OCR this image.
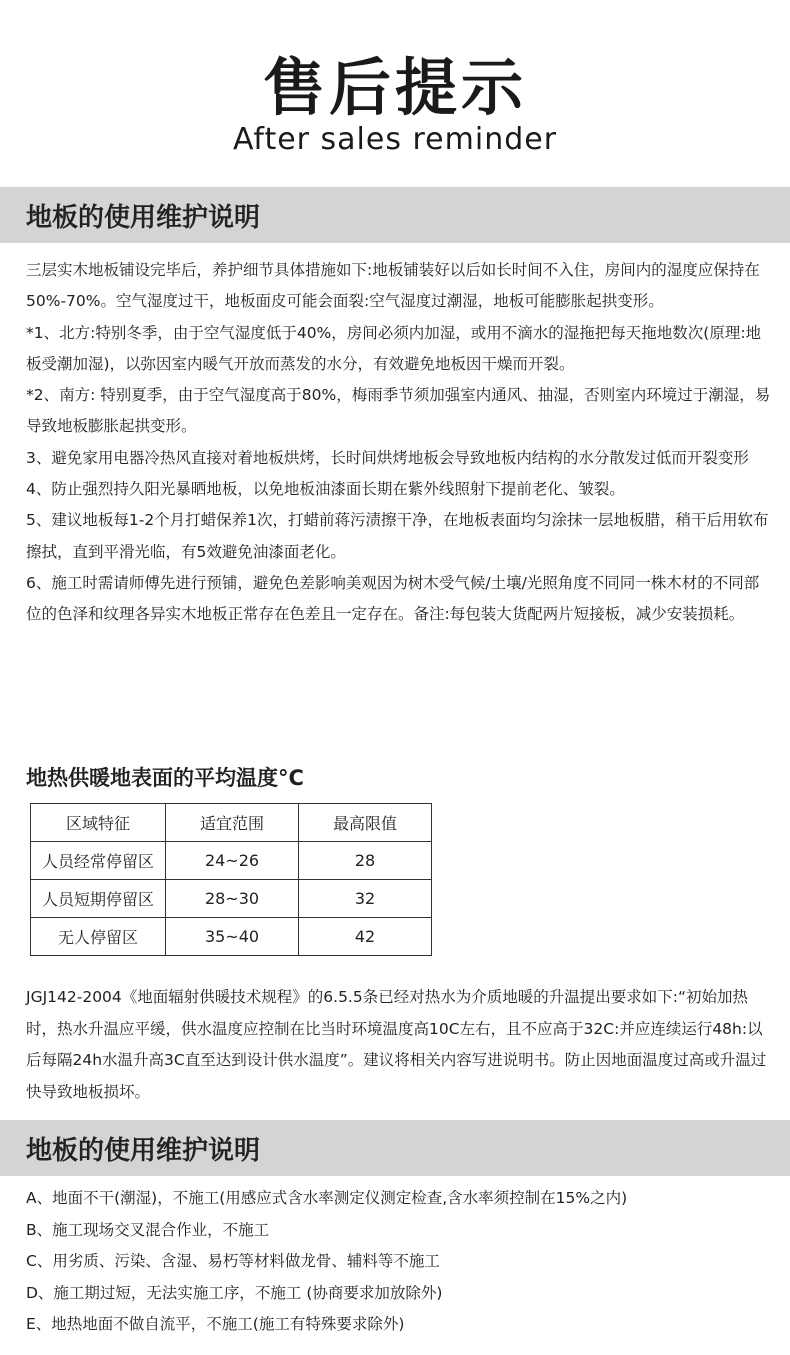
售后提示
After sales reminder
地板的使用维护说明

三层实木地板铺设完毕后，养护细节具体措施如下:地板铺装好以后如长时间不入住，房间内的湿度应保持在50%-70%。空气湿度过干，地板面皮可能会面裂:空气湿度过潮湿，地板可能膨胀起拱变形。

*1、北方:特别冬季，由于空气湿度低于40%，房间必须内加湿，或用不滴水的湿拖把每天拖地数次(原理:地板受潮加湿)，以弥因室内暖气开放而蒸发的水分，有效避免地板因干燥而开裂。

*2、南方: 特别夏季，由于空气湿度高于80%，梅雨季节须加强室内通风、抽湿，否则室内环境过于潮湿，易导致地板膨胀起拱变形。

3、避免家用电器冷热风直接对着地板烘烤，长时间烘烤地板会导致地板内结构的水分散发过低而开裂变形

4、防止强烈持久阳光暴晒地板，以免地板油漆面长期在紫外线照射下提前老化、皱裂。

5、建议地板每1-2个月打蜡保养1次，打蜡前蒋污渍擦干净，在地板表面均匀涂抹一层地板腊，稍干后用软布擦拭，直到平滑光临，有5效避免油漆面老化。

6、施工时需请师傅先进行预铺，避免色差影响美观因为树木受气候/土壤/光照角度不同同一株木材的不同部位的色泽和纹理各异实木地板正常存在色差且一定存在。备注:每包装大货配两片短接板，减少安装损耗。

地热供暖地表面的平均温度°C
区域特征	适宜范围	最高限值
人员经常停留区	24~26	28
人员短期停留区	28~30	32
无人停留区	35~40	42

JGJ142-2004《地面辐射供暖技术规程》的6.5.5条已经对热水为介质地暖的升温提出要求如下:“初始加热时，热水升温应平缓，供水温度应控制在比当时环境温度高10C左右，且不应高于32C:并应连续运行48h:以后每隔24h水温升高3C直至达到设计供水温度”。建议将相关内容写进说明书。防止因地面温度过高或升温过快导致地板损坏。

地板的使用维护说明

A、地面不干(潮湿)，不施工(用感应式含水率测定仪测定检查,含水率须控制在15%之内)

B、施工现场交叉混合作业，不施工

C、用劣质、污染、含湿、易朽等材料做龙骨、辅料等不施工

D、施工期过短，无法实施工序，不施工 (协商要求加放除外)

E、地热地面不做自流平，不施工(施工有特殊要求除外)
